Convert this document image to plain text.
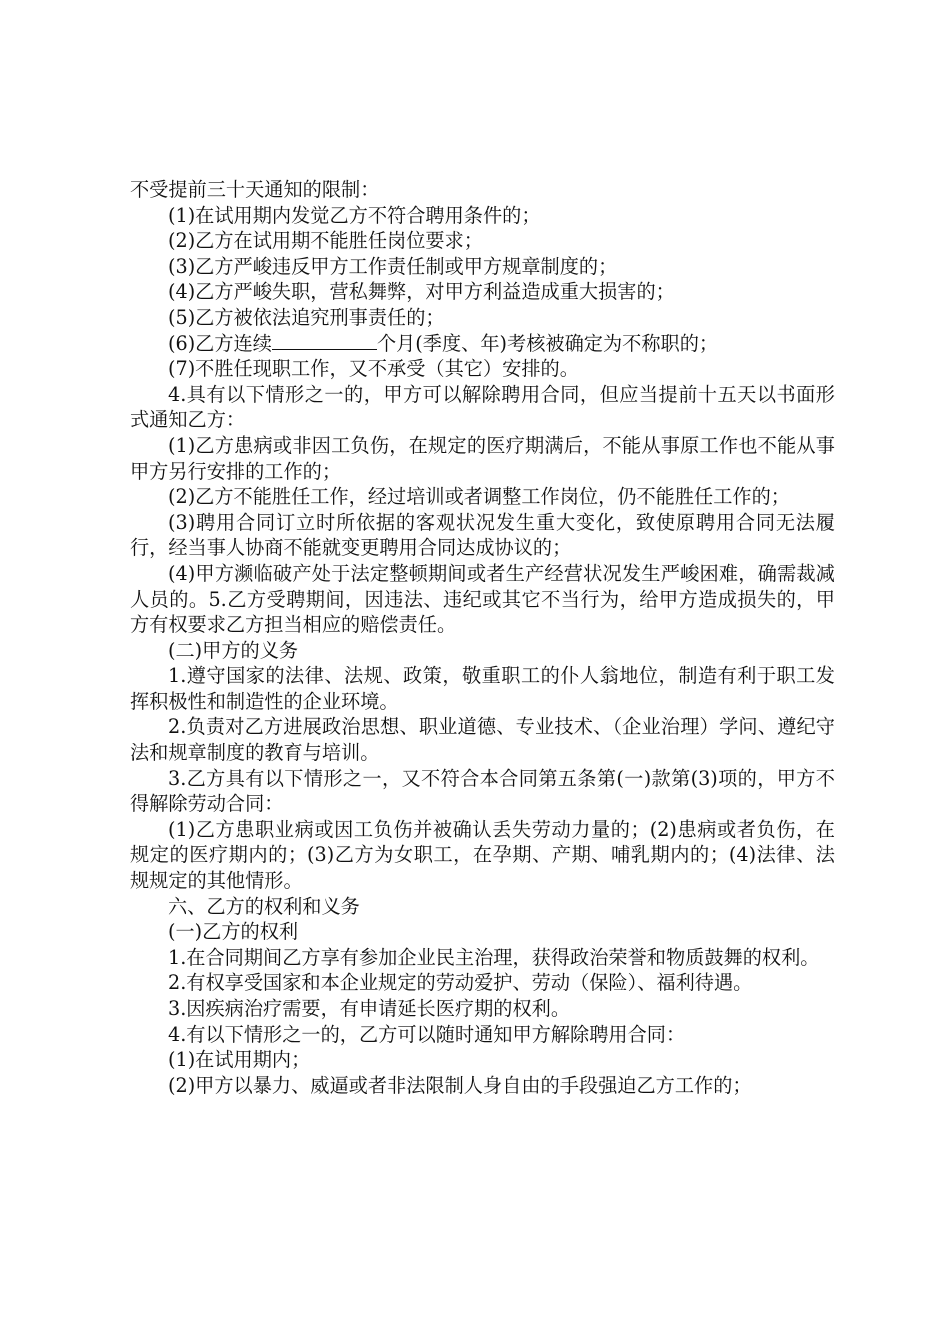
不受提前三十天通知的限制：

(1)在试用期内发觉乙方不符合聘用条件的；

(2)乙方在试用期不能胜任岗位要求；

(3)乙方严峻违反甲方工作责任制或甲方规章制度的；

(4)乙方严峻失职，营私舞弊，对甲方利益造成重大损害的；

(5)乙方被依法追究刑事责任的；

(6)乙方连续	个月(季度、年)考核被确定为不称职的；

(7)不胜任现职工作，又不承受（其它）安排的。

4.具有以下情形之一的，甲方可以解除聘用合同，但应当提前十五天以书面形式通知乙方：

(1)乙方患病或非因工负伤，在规定的医疗期满后，不能从事原工作也不能从事甲方另行安排的工作的；

(2)乙方不能胜任工作，经过培训或者调整工作岗位，仍不能胜任工作的；

(3)聘用合同订立时所依据的客观状况发生重大变化，致使原聘用合同无法履行，经当事人协商不能就变更聘用合同达成协议的；

(4)甲方濒临破产处于法定整顿期间或者生产经营状况发生严峻困难，确需裁减人员的。5.乙方受聘期间，因违法、违纪或其它不当行为，给甲方造成损失的，甲方有权要求乙方担当相应的赔偿责任。

(二)甲方的义务

1.遵守国家的法律、法规、政策，敬重职工的仆人翁地位，制造有利于职工发挥积极性和制造性的企业环境。

2.负责对乙方进展政治思想、职业道德、专业技术、（企业治理）学问、遵纪守法和规章制度的教育与培训。

3.乙方具有以下情形之一，又不符合本合同第五条第(一)款第(3)项的，甲方不得解除劳动合同：

(1)乙方患职业病或因工负伤并被确认丢失劳动力量的；(2)患病或者负伤，在规定的医疗期内的；(3)乙方为女职工，在孕期、产期、哺乳期内的；(4)法律、法规规定的其他情形。

六、乙方的权利和义务

(一)乙方的权利

1.在合同期间乙方享有参加企业民主治理，获得政治荣誉和物质鼓舞的权利。

2.有权享受国家和本企业规定的劳动爱护、劳动（保险）、福利待遇。

3.因疾病治疗需要，有申请延长医疗期的权利。

4.有以下情形之一的，乙方可以随时通知甲方解除聘用合同：

(1)在试用期内；

(2)甲方以暴力、威逼或者非法限制人身自由的手段强迫乙方工作的；
